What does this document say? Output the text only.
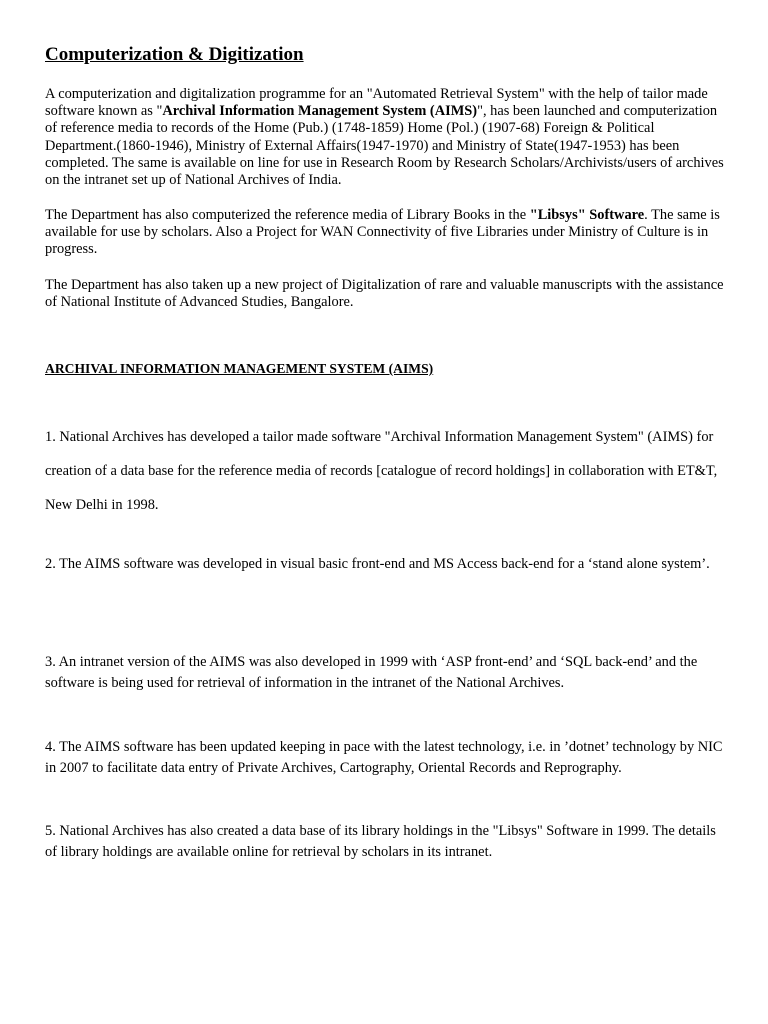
Computerization & Digitization

A computerization and digitalization programme for an "Automated Retrieval System" with the help of tailor made software known as "Archival Information Management System (AIMS)", has been launched and computerization of reference media to records of the Home (Pub.) (1748-1859) Home (Pol.) (1907-68) Foreign & Political Department.(1860-1946), Ministry of External Affairs(1947-1970) and Ministry of State(1947-1953) has been completed. The same is available on line for use in Research Room by Research Scholars/Archivists/users of archives on the intranet set up of National Archives of India.

The Department has also computerized the reference media of Library Books in the "Libsys" Software. The same is available for use by scholars. Also a Project for WAN Connectivity of five Libraries under Ministry of Culture is in progress.

The Department has also taken up a new project of Digitalization of rare and valuable manuscripts with the assistance of National Institute of Advanced Studies, Bangalore.

ARCHIVAL INFORMATION MANAGEMENT SYSTEM (AIMS)

1. National Archives has developed a tailor made software "Archival Information Management System" (AIMS) for creation of a data base for the reference media of records [catalogue of record holdings] in collaboration with ET&T, New Delhi in 1998.

2. The AIMS software was developed in visual basic front-end and MS Access back-end for a ‘stand alone system’.

3. An intranet version of the AIMS was also developed in 1999 with ‘ASP front-end’ and ‘SQL back-end’ and the software is being used for retrieval of information in the intranet of the National Archives.

4. The AIMS software has been updated keeping in pace with the latest technology, i.e. in ’dotnet’ technology by NIC in 2007 to facilitate data entry of Private Archives, Cartography, Oriental Records and Reprography.

5. National Archives has also created a data base of its library holdings in the "Libsys" Software in 1999. The details of library holdings are available online for retrieval by scholars in its intranet.
